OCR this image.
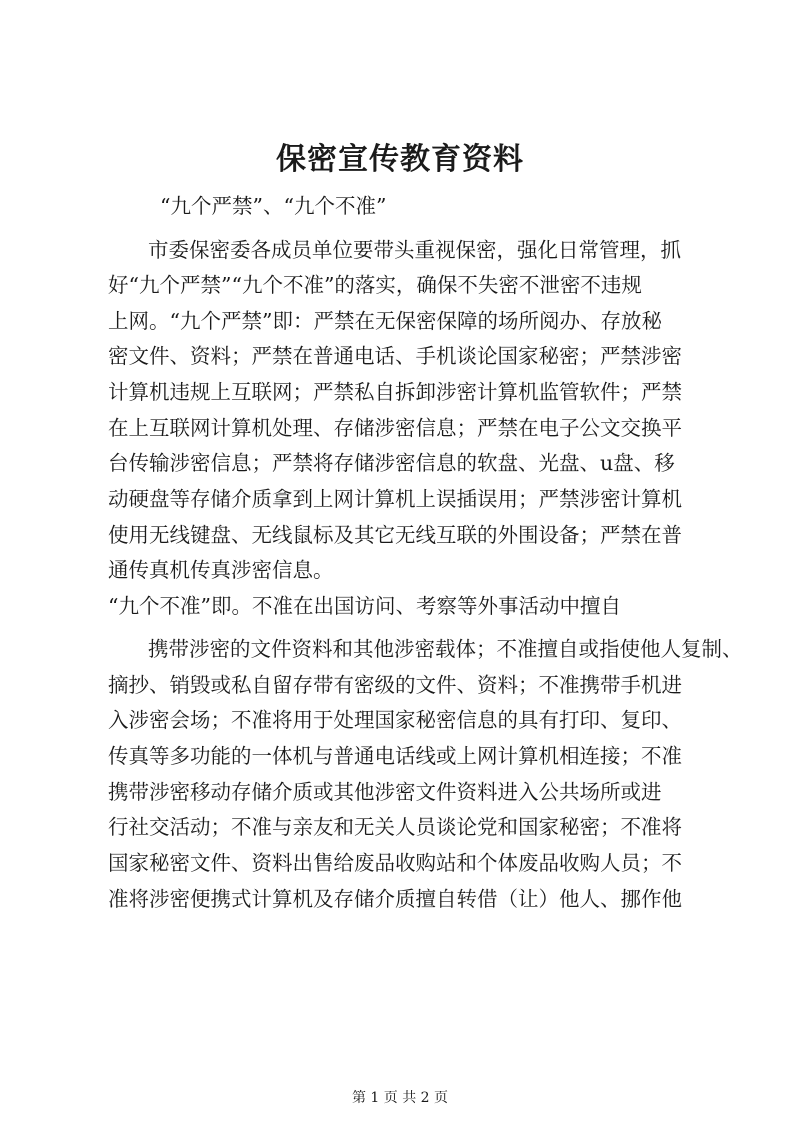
保密宣传教育资料
“九个严禁”、“九个不准”
市委保密委各成员单位要带头重视保密，强化日常管理，抓
好“九个严禁”“九个不准”的落实，确保不失密不泄密不违规
上网。“九个严禁”即：严禁在无保密保障的场所阅办、存放秘
密文件、资料；严禁在普通电话、手机谈论国家秘密；严禁涉密
计算机违规上互联网；严禁私自拆卸涉密计算机监管软件；严禁
在上互联网计算机处理、存储涉密信息；严禁在电子公文交换平
台传输涉密信息；严禁将存储涉密信息的软盘、光盘、u盘、移
动硬盘等存储介质拿到上网计算机上误插误用；严禁涉密计算机
使用无线键盘、无线鼠标及其它无线互联的外围设备；严禁在普
通传真机传真涉密信息。
“九个不准”即。不准在出国访问、考察等外事活动中擅自
携带涉密的文件资料和其他涉密载体；不准擅自或指使他人复制、
摘抄、销毁或私自留存带有密级的文件、资料；不准携带手机进
入涉密会场；不准将用于处理国家秘密信息的具有打印、复印、
传真等多功能的一体机与普通电话线或上网计算机相连接；不准
携带涉密移动存储介质或其他涉密文件资料进入公共场所或进
行社交活动；不准与亲友和无关人员谈论党和国家秘密；不准将
国家秘密文件、资料出售给废品收购站和个体废品收购人员；不
准将涉密便携式计算机及存储介质擅自转借（让）他人、挪作他
第 1 页 共 2 页
